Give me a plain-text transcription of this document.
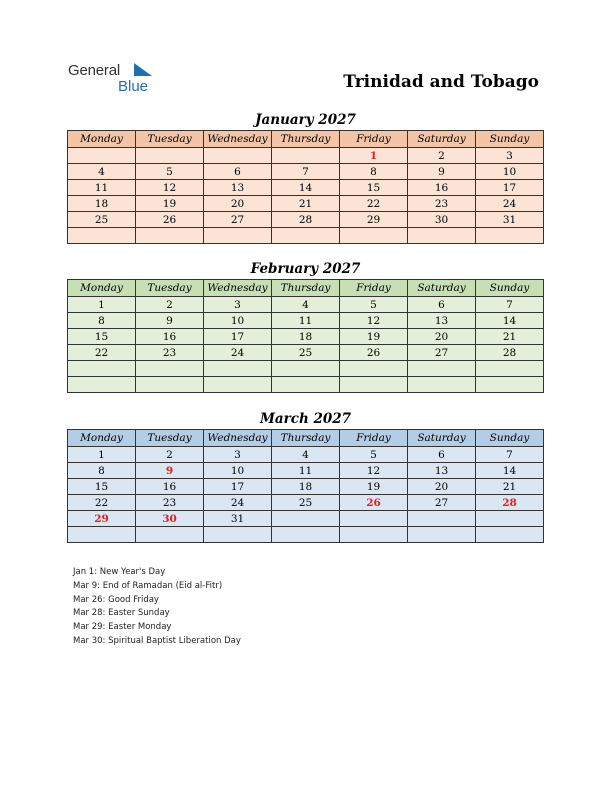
General
Blue	Trinidad and Tobago
January 2027
Monday	Tuesday	Wednesday	Thursday	Friday	Saturday	Sunday
				1	2	3
4	5	6	7	8	9	10
11	12	13	14	15	16	17
18	19	20	21	22	23	24
25	26	27	28	29	30	31

February 2027
Monday	Tuesday	Wednesday	Thursday	Friday	Saturday	Sunday
1	2	3	4	5	6	7
8	9	10	11	12	13	14
15	16	17	18	19	20	21
22	23	24	25	26	27	28

March 2027
Monday	Tuesday	Wednesday	Thursday	Friday	Saturday	Sunday
1	2	3	4	5	6	7
8	9	10	11	12	13	14
15	16	17	18	19	20	21
22	23	24	25	26	27	28
29	30	31				

Jan 1: New Year's Day
Mar 9: End of Ramadan (Eid al-Fitr)
Mar 26: Good Friday
Mar 28: Easter Sunday
Mar 29: Easter Monday
Mar 30: Spiritual Baptist Liberation Day
